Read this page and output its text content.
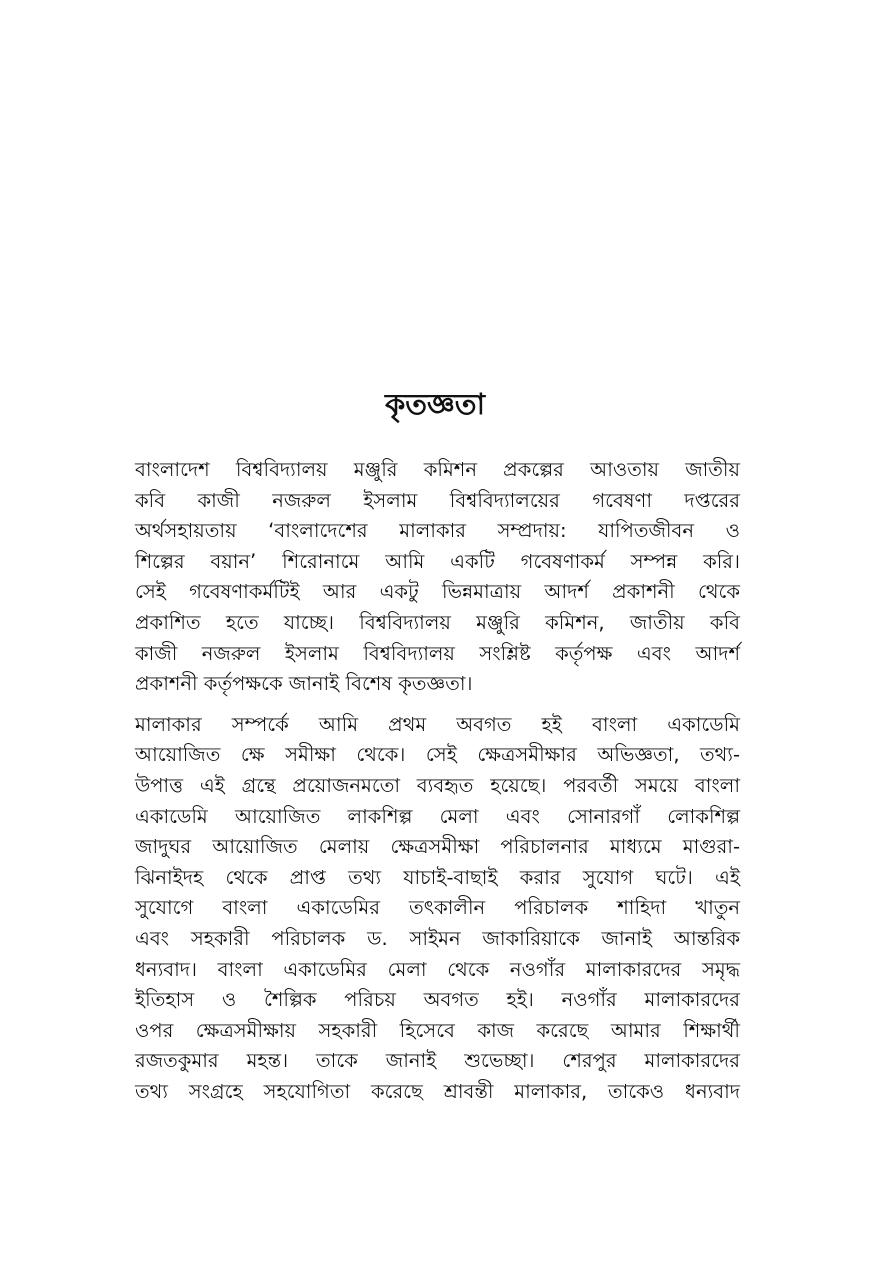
কৃতজ্ঞতা

বাংলাদেশ বিশ্ববিদ্যালয় মঞ্জুরি কমিশন প্রকল্পের আওতায় জাতীয়
কবি কাজী নজরুল ইসলাম বিশ্ববিদ্যালয়ের গবেষণা দপ্তরের
অর্থসহায়তায় ‘বাংলাদেশের মালাকার সম্প্রদায়: যাপিতজীবন ও
শিল্পের বয়ান’ শিরোনামে আমি একটি গবেষণাকর্ম সম্পন্ন করি।
সেই গবেষণাকর্মটিই আর একটু ভিন্নমাত্রায় আদর্শ প্রকাশনী থেকে
প্রকাশিত হতে যাচ্ছে। বিশ্ববিদ্যালয় মঞ্জুরি কমিশন, জাতীয় কবি
কাজী নজরুল ইসলাম বিশ্ববিদ্যালয় সংশ্লিষ্ট কর্তৃপক্ষ এবং আদর্শ
প্রকাশনী কর্তৃপক্ষকে জানাই বিশেষ কৃতজ্ঞতা।

মালাকার সম্পর্কে আমি প্রথম অবগত হই বাংলা একাডেমি
আয়োজিত ক্ষে সমীক্ষা থেকে। সেই ক্ষেত্রসমীক্ষার অভিজ্ঞতা, তথ্য-
উপাত্ত এই গ্রন্থে প্রয়োজনমতো ব্যবহৃত হয়েছে। পরবর্তী সময়ে বাংলা
একাডেমি আয়োজিত লাকশিল্প মেলা এবং সোনারগাঁ লোকশিল্প
জাদুঘর আয়োজিত মেলায় ক্ষেত্রসমীক্ষা পরিচালনার মাধ্যমে মাগুরা-
ঝিনাইদহ থেকে প্রাপ্ত তথ্য যাচাই-বাছাই করার সুযোগ ঘটে। এই
সুযোগে বাংলা একাডেমির তৎকালীন পরিচালক শাহিদা খাতুন
এবং সহকারী পরিচালক ড. সাইমন জাকারিয়াকে জানাই আন্তরিক
ধন্যবাদ। বাংলা একাডেমির মেলা থেকে নওগাঁর মালাকারদের সমৃদ্ধ
ইতিহাস ও শৈল্পিক পরিচয় অবগত হই। নওগাঁর মালাকারদের
ওপর ক্ষেত্রসমীক্ষায় সহকারী হিসেবে কাজ করেছে আমার শিক্ষার্থী
রজতকুমার মহন্ত। তাকে জানাই শুভেচ্ছা। শেরপুর মালাকারদের
তথ্য সংগ্রহে সহযোগিতা করেছে শ্রাবন্তী মালাকার, তাকেও ধন্যবাদ
